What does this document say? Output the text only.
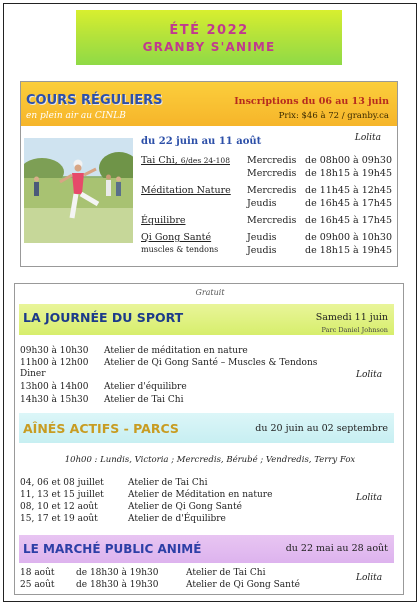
ÉTÉ 2022
GRANBY S'ANIME
COURS RÉGULIERS
en plein air au CINLB
Inscriptions du 06 au 13 juin
Prix: $46 à 72 / granby.ca
du 22 juin au 11 août	Lolita
Tai Chi, 6/des 24-108 Mercredis de 08h00 à 09h30
Mercredis de 18h15 à 19h45
Méditation Nature Mercredis de 11h45 à 12h45
Jeudis	de 16h45 à 17h45
Équilibre	Mercredis de 16h45 à 17h45
Qi Gong Santé	Jeudis	de 09h00 à 10h30
muscles & tendons	Jeudis	de 18h15 à 19h45
Gratuit
LA JOURNÉE DU SPORT	Samedi 11 juin
Parc Daniel Johnson
09h30 à 10h30 Atelier de méditation en nature
11h00 à 12h00 Atelier de Qi Gong Santé – Muscles & Tendons
Diner
13h00 à 14h00 Atelier d'équilibre
14h30 à 15h30 Atelier de Tai Chi
Lolita
AÎNÉS ACTIFS - PARCS	du 20 juin au 02 septembre
10h00 : Lundis, Victoria ; Mercredis, Bérubé ; Vendredis, Terry Fox
04, 06 et 08 juillet	Atelier de Tai Chi
11, 13 et 15 juillet	Atelier de Méditation en nature
08, 10 et 12 août	Atelier de Qi Gong Santé
15, 17 et 19 août	Atelier de d'Équilibre
Lolita
LE MARCHÉ PUBLIC ANIMÉ	du 22 mai au 28 août
18 août de 18h30 à 19h30	Atelier de Tai Chi
25 août de 18h30 à 19h30	Atelier de Qi Gong Santé
Lolita
